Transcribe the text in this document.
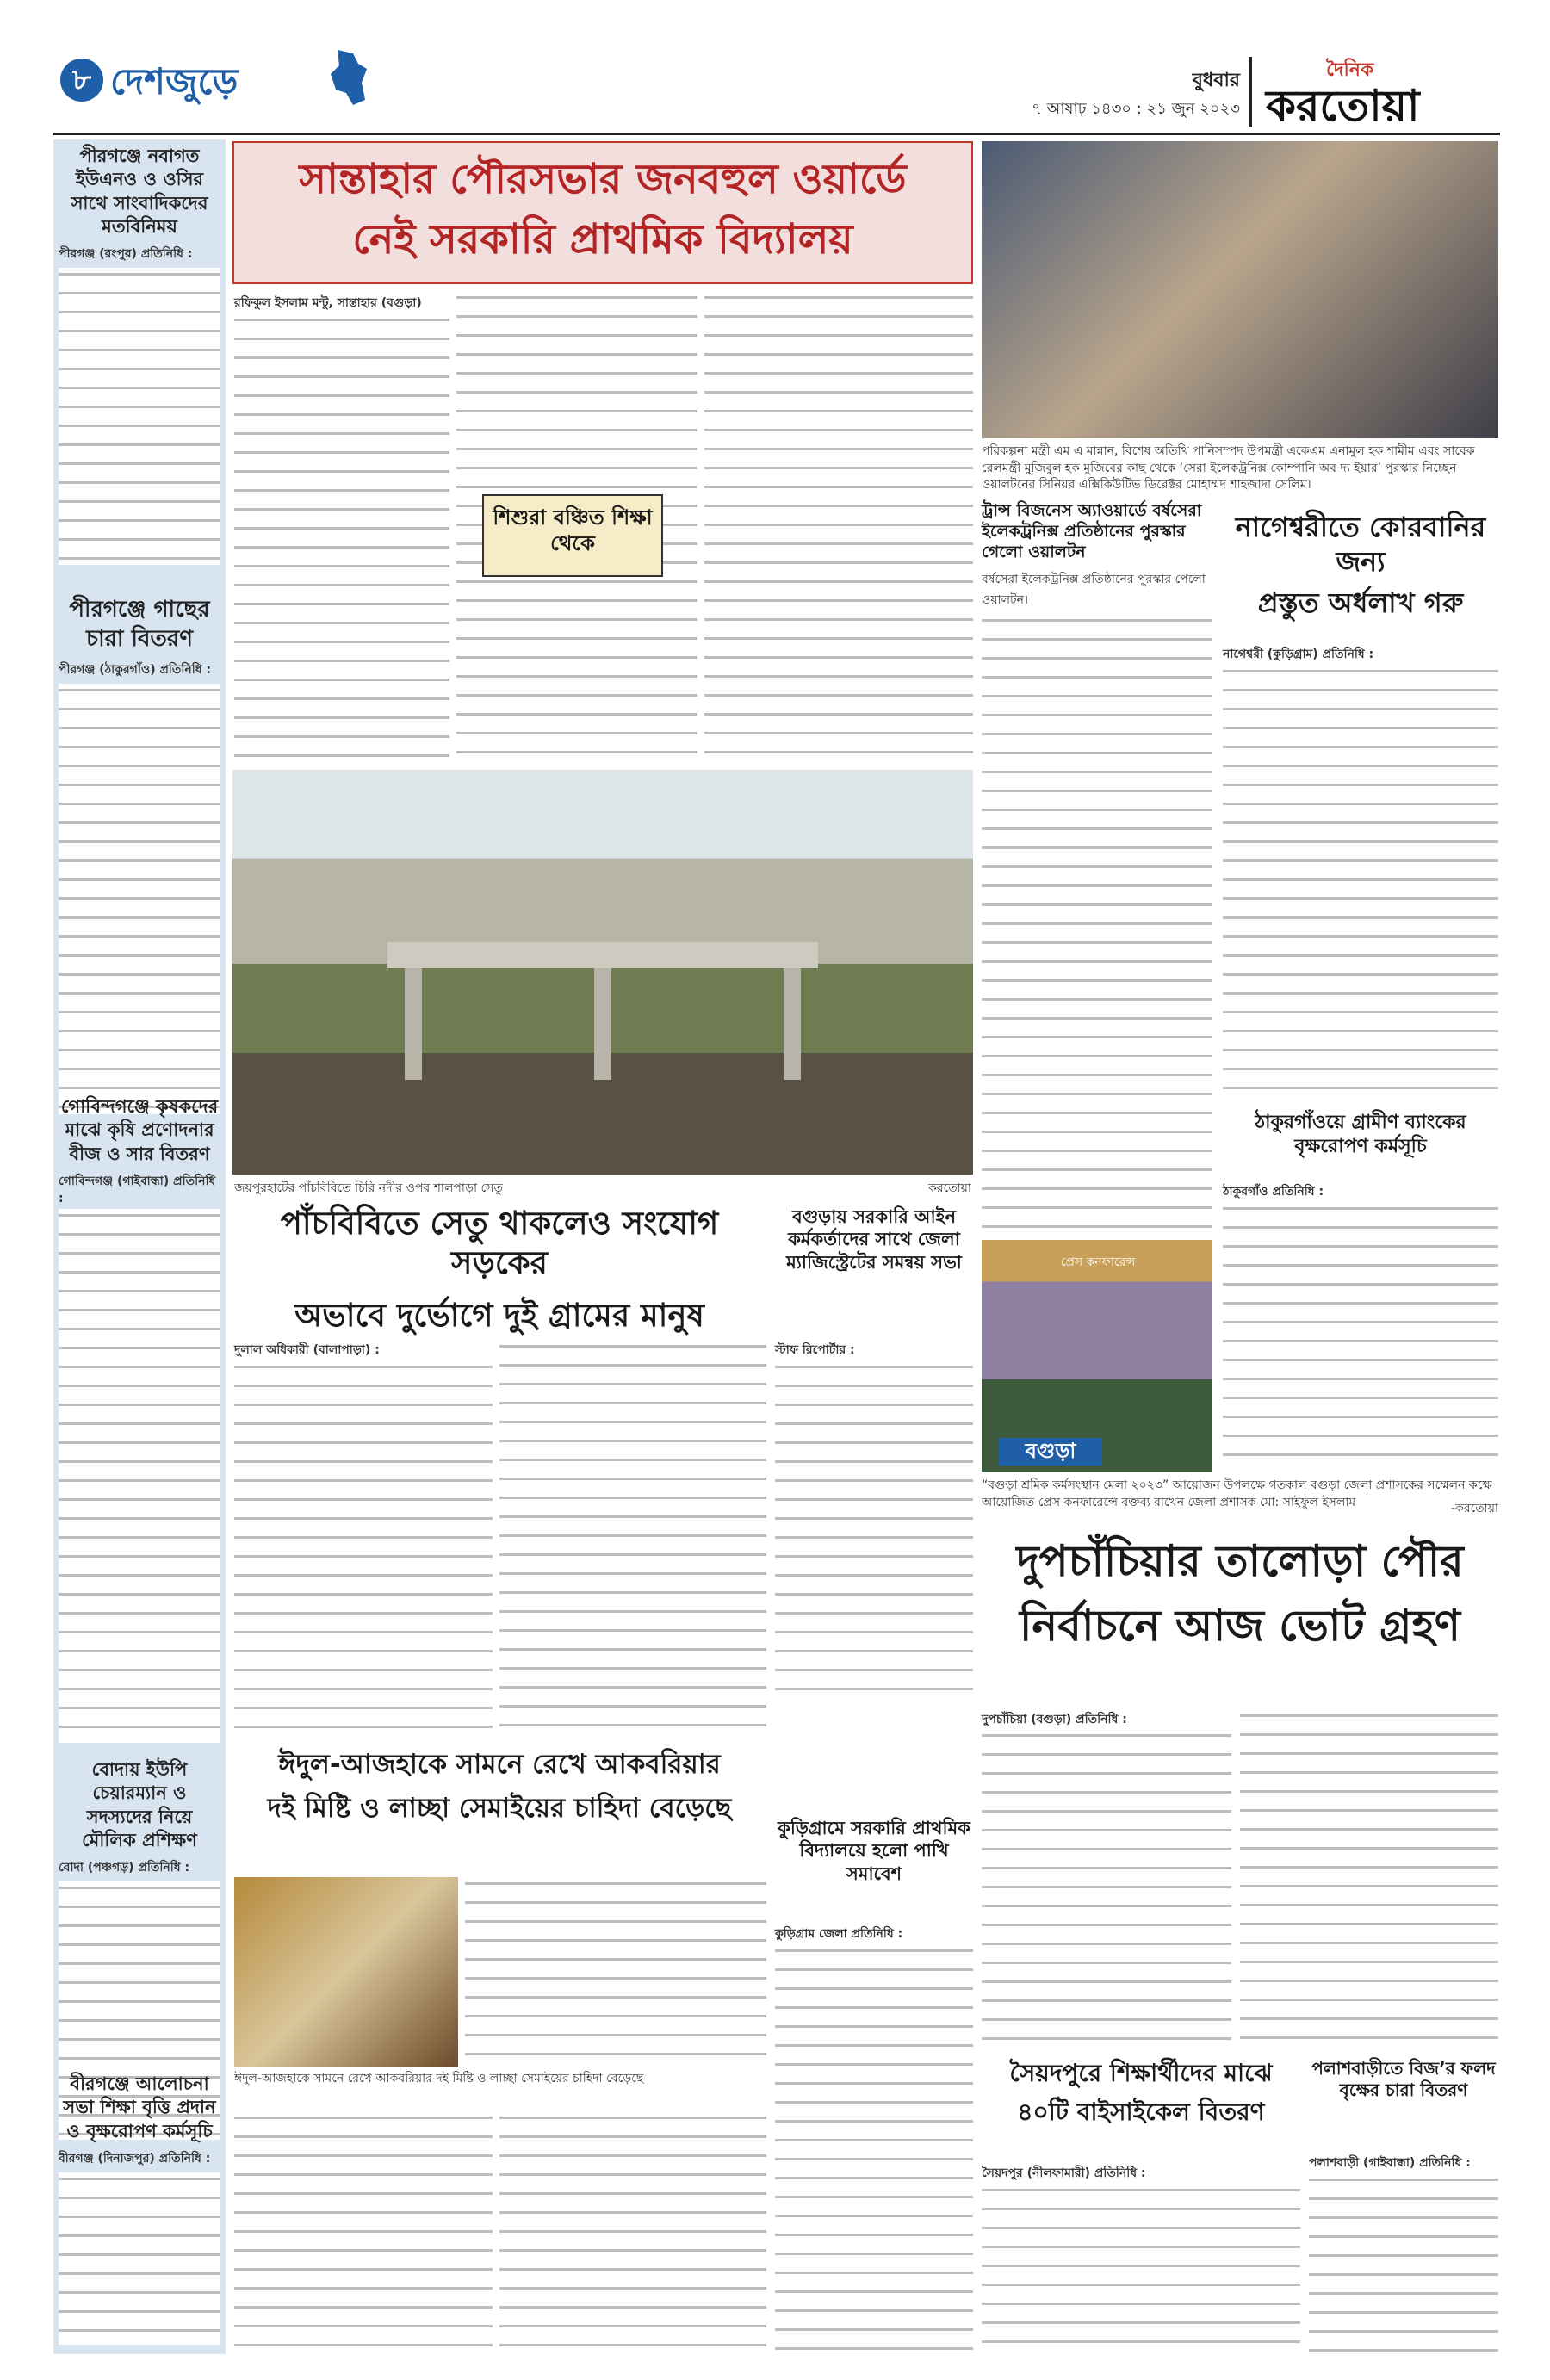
৮ দেশজুড়ে	বুধবার
৭ আষাঢ় ১৪৩০ : ২১ জুন ২০২৩
দৈনিক
করতোয়া
পীরগঞ্জে নবাগত ইউএনও ও ওসির সাথে সাংবাদিকদের মতবিনিময়
পীরগঞ্জ (রংপুর) প্রতিনিধি :
পীরগঞ্জে গাছের চারা বিতরণ
পীরগঞ্জ (ঠাকুরগাঁও) প্রতিনিধি :
গোবিন্দগঞ্জে কৃষকদের মাঝে কৃষি প্রণোদনার বীজ ও সার বিতরণ
গোবিন্দগঞ্জ (গাইবান্ধা) প্রতিনিধি :
বোদায় ইউপি চেয়ারম্যান ও সদস্যদের নিয়ে মৌলিক প্রশিক্ষণ
বোদা (পঞ্চগড়) প্রতিনিধি :
বীরগঞ্জে আলোচনা সভা শিক্ষা বৃত্তি প্রদান ও বৃক্ষরোপণ কর্মসূচি
বীরগঞ্জ (দিনাজপুর) প্রতিনিধি :
সান্তাহার পৌরসভার জনবহুল ওয়ার্ডে
নেই সরকারি প্রাথমিক বিদ্যালয়
রফিকুল ইসলাম মন্টু, সান্তাহার (বগুড়া)
শিশুরা বঞ্চিত শিক্ষা থেকে
পরিকল্পনা মন্ত্রী এম এ মান্নান, বিশেষ অতিথি পানিসম্পদ উপমন্ত্রী একেএম এনামুল হক শামীম এবং সাবেক রেলমন্ত্রী মুজিবুল হক মুজিবের কাছ থেকে ‘সেরা ইলেকট্রনিক্স কোম্পানি অব দ্য ইয়ার’ পুরস্কার নিচ্ছেন ওয়ালটনের সিনিয়র এক্সিকিউটিভ ডিরেক্টর মোহাম্মদ শাহজাদা সেলিম।
ট্রান্স বিজনেস অ্যাওয়ার্ডে বর্ষসেরা ইলেকট্রনিক্স প্রতিষ্ঠানের পুরস্কার গেলো ওয়ালটন
বর্ষসেরা ইলেকট্রনিক্স প্রতিষ্ঠানের পুরস্কার পেলো ওয়ালটন।
নাগেশ্বরীতে কোরবানির জন্য
প্রস্তুত অর্ধলাখ গরু
নাগেশ্বরী (কুড়িগ্রাম) প্রতিনিধি :
ঠাকুরগাঁওয়ে গ্রামীণ ব্যাংকের বৃক্ষরোপণ কর্মসূচি
ঠাকুরগাঁও প্রতিনিধি :
জয়পুরহাটের পাঁচবিবিতে চিরি নদীর ওপর শালপাড়া সেতু	করতোয়া
পাঁচবিবিতে সেতু থাকলেও সংযোগ সড়কের
অভাবে দুর্ভোগে দুই গ্রামের মানুষ
দুলাল অধিকারী (বালাপাড়া) :
বগুড়ায় সরকারি আইন কর্মকর্তাদের সাথে জেলা ম্যাজিস্ট্রেটের সমন্বয় সভা
স্টাফ রিপোর্টার :
প্রেস কনফারেন্স
বগুড়া
“বগুড়া শ্রমিক কর্মসংস্থান মেলা ২০২৩” আয়োজন উপলক্ষে গতকাল বগুড়া জেলা প্রশাসকের সম্মেলন কক্ষে আয়োজিত প্রেস কনফারেন্সে বক্তব্য রাখেন জেলা প্রশাসক মো: সাইফুল ইসলাম	-করতোয়া
দুপচাঁচিয়ার তালোড়া পৌর
নির্বাচনে আজ ভোট গ্রহণ
দুপচাঁচিয়া (বগুড়া) প্রতিনিধি :
ঈদুল-আজহাকে সামনে রেখে আকবরিয়ার
দই মিষ্টি ও লাচ্ছা সেমাইয়ের চাহিদা বেড়েছে
ঈদুল-আজহাকে সামনে রেখে আকবরিয়ার দই মিষ্টি ও লাচ্ছা সেমাইয়ের চাহিদা বেড়েছে
কুড়িগ্রামে সরকারি প্রাথমিক বিদ্যালয়ে হলো পাখি সমাবেশ
কুড়িগ্রাম জেলা প্রতিনিধি :
সৈয়দপুরে শিক্ষার্থীদের মাঝে
৪০টি বাইসাইকেল বিতরণ
সৈয়দপুর (নীলফামারী) প্রতিনিধি :
পলাশবাড়ীতে বিজ’র ফলদ বৃক্ষের চারা বিতরণ
পলাশবাড়ী (গাইবান্ধা) প্রতিনিধি :
